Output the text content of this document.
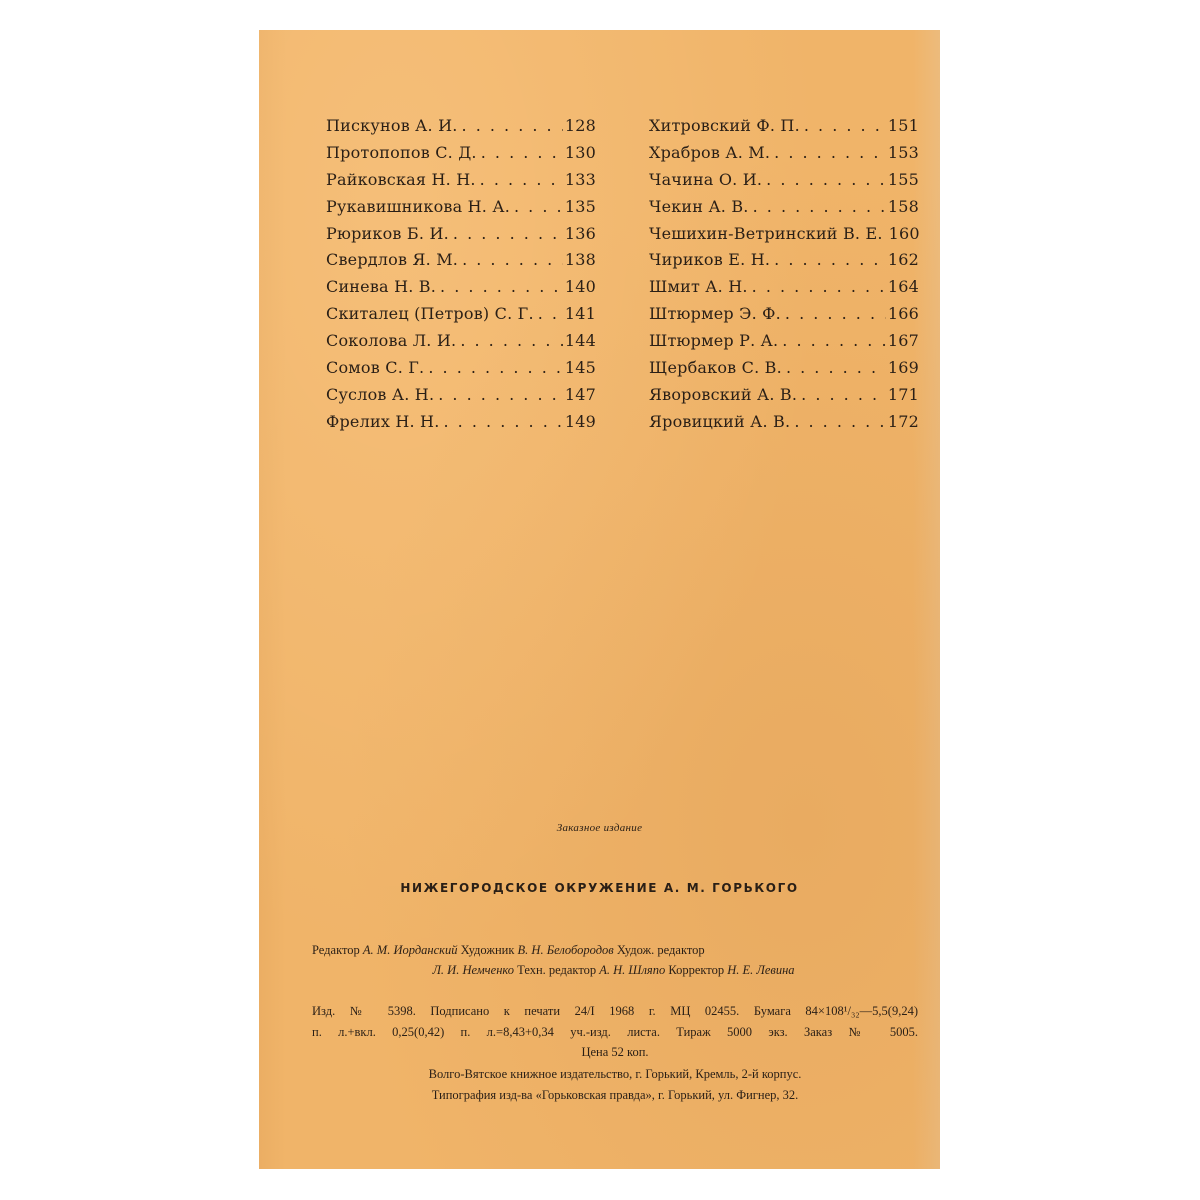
Пискунов А. И. . . .	128
Протопопов С. Д. . . .	130
Райковская Н. Н. . . .	133
Рукавишникова Н. А. . . .	135
Рюриков Б. И. . . .	136
Свердлов Я. М. . . .	138
Синева Н. В. . . .	140
Скиталец (Петров) С. Г. . . . 141
Соколова Л. И. . . .	144
Сомов С. Г. . . .	145
Суслов А. Н. . . .	147
Фрелих Н. Н. . . .	149
Хитровский Ф. П. . . .	151
Храбров А. М. . . .	153
Чачина О. И. . . .	155
Чекин А. В. . . .	158
Чешихин-Ветринский В. Е. 160
Чириков Е. Н. . . .	162
Шмит А. Н. . . .	164
Штюрмер Э. Ф. . . .	166
Штюрмер Р. А. . . .	167
Щербаков С. В. . . .	169
Яворовский А. В. . . .	171
Яровицкий А. В. . . .	172
Заказное издание
НИЖЕГОРОДСКОЕ ОКРУЖЕНИЕ А. М. ГОРЬКОГО
Редактор А. М. Иорданский Художник В. Н. Белобородов Худож. редактор
Л. И. Немченко Техн. редактор А. Н. Шляпо Корректор Н. Е. Левина
Изд. № 5398. Подписано к печати 24/I 1968 г. МЦ 02455. Бумага 84×108¹/₃₂—5,5(9,24)
п. л.+вкл. 0,25(0,42) п. л.=8,43+0,34 уч.-изд. листа. Тираж 5000 экз. Заказ № 5005.
Цена 52 коп.
Волго-Вятское книжное издательство, г. Горький, Кремль, 2-й корпус.
Типография изд-ва «Горьковская правда», г. Горький, ул. Фигнер, 32.
